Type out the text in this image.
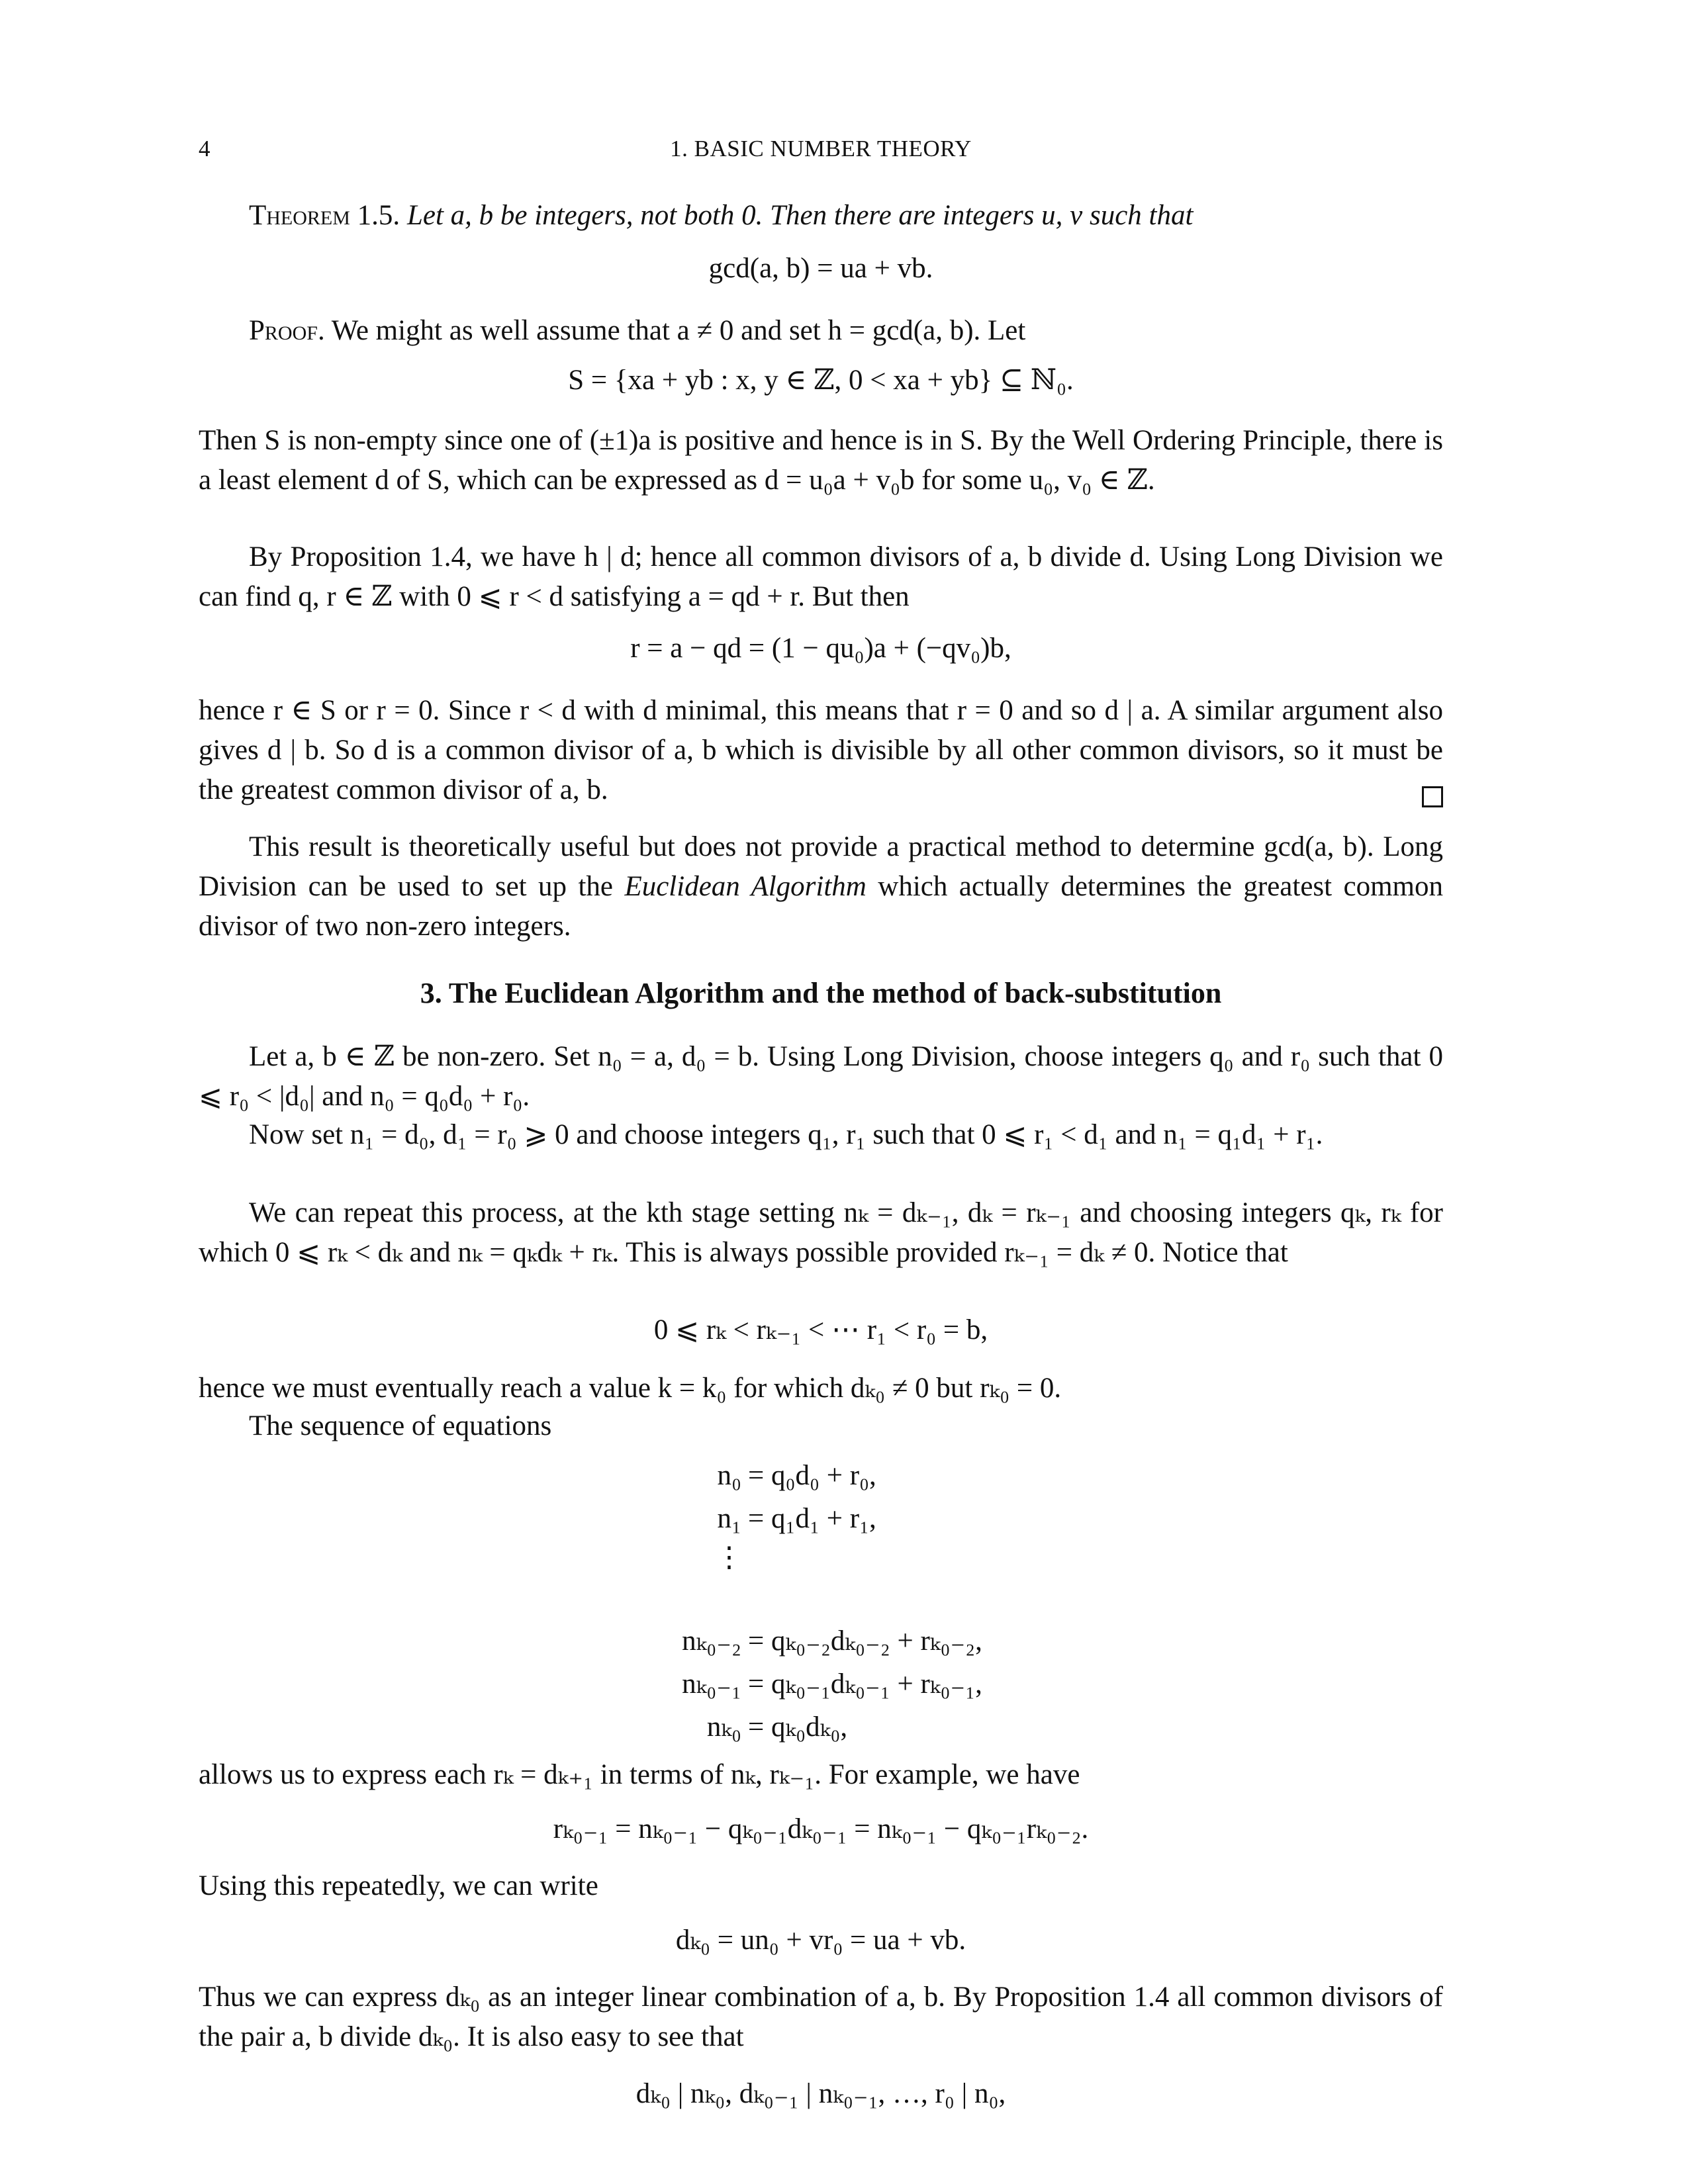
4	1. BASIC NUMBER THEORY
Theorem 1.5. Let a, b be integers, not both 0. Then there are integers u, v such that
gcd(a, b) = ua + vb.
Proof. We might as well assume that a ≠ 0 and set h = gcd(a, b). Let
S = {xa + yb : x, y ∈ ℤ, 0 < xa + yb} ⊆ ℕ₀.
Then S is non-empty since one of (±1)a is positive and hence is in S. By the Well Ordering Principle, there is a least element d of S, which can be expressed as d = u₀a + v₀b for some u₀, v₀ ∈ ℤ.
By Proposition 1.4, we have h | d; hence all common divisors of a, b divide d. Using Long Division we can find q, r ∈ ℤ with 0 ⩽ r < d satisfying a = qd + r. But then
r = a − qd = (1 − qu₀)a + (−qv₀)b,
hence r ∈ S or r = 0. Since r < d with d minimal, this means that r = 0 and so d | a. A similar argument also gives d | b. So d is a common divisor of a, b which is divisible by all other common divisors, so it must be the greatest common divisor of a, b.
This result is theoretically useful but does not provide a practical method to determine gcd(a, b). Long Division can be used to set up the Euclidean Algorithm which actually determines the greatest common divisor of two non-zero integers.
3. The Euclidean Algorithm and the method of back-substitution
Let a, b ∈ ℤ be non-zero. Set n₀ = a, d₀ = b. Using Long Division, choose integers q₀ and r₀ such that 0 ⩽ r₀ < |d₀| and n₀ = q₀d₀ + r₀.
Now set n₁ = d₀, d₁ = r₀ ⩾ 0 and choose integers q₁, r₁ such that 0 ⩽ r₁ < d₁ and n₁ = q₁d₁ + r₁.
We can repeat this process, at the kth stage setting nₖ = dₖ₋₁, dₖ = rₖ₋₁ and choosing integers qₖ, rₖ for which 0 ⩽ rₖ < dₖ and nₖ = qₖdₖ + rₖ. This is always possible provided rₖ₋₁ = dₖ ≠ 0. Notice that
0 ⩽ rₖ < rₖ₋₁ < ⋯ r₁ < r₀ = b,
hence we must eventually reach a value k = k₀ for which dₖ₀ ≠ 0 but rₖ₀ = 0.
The sequence of equations
n₀ = q₀d₀ + r₀,
n₁ = q₁d₁ + r₁,
⋮
nₖ₀₋₂ = qₖ₀₋₂dₖ₀₋₂ + rₖ₀₋₂,
nₖ₀₋₁ = qₖ₀₋₁dₖ₀₋₁ + rₖ₀₋₁,
nₖ₀ = qₖ₀dₖ₀,
allows us to express each rₖ = dₖ₊₁ in terms of nₖ, rₖ₋₁. For example, we have
rₖ₀₋₁ = nₖ₀₋₁ − qₖ₀₋₁dₖ₀₋₁ = nₖ₀₋₁ − qₖ₀₋₁rₖ₀₋₂.
Using this repeatedly, we can write
dₖ₀ = un₀ + vr₀ = ua + vb.
Thus we can express dₖ₀ as an integer linear combination of a, b. By Proposition 1.4 all common divisors of the pair a, b divide dₖ₀. It is also easy to see that
dₖ₀ | nₖ₀, dₖ₀₋₁ | nₖ₀₋₁, …, r₀ | n₀,
